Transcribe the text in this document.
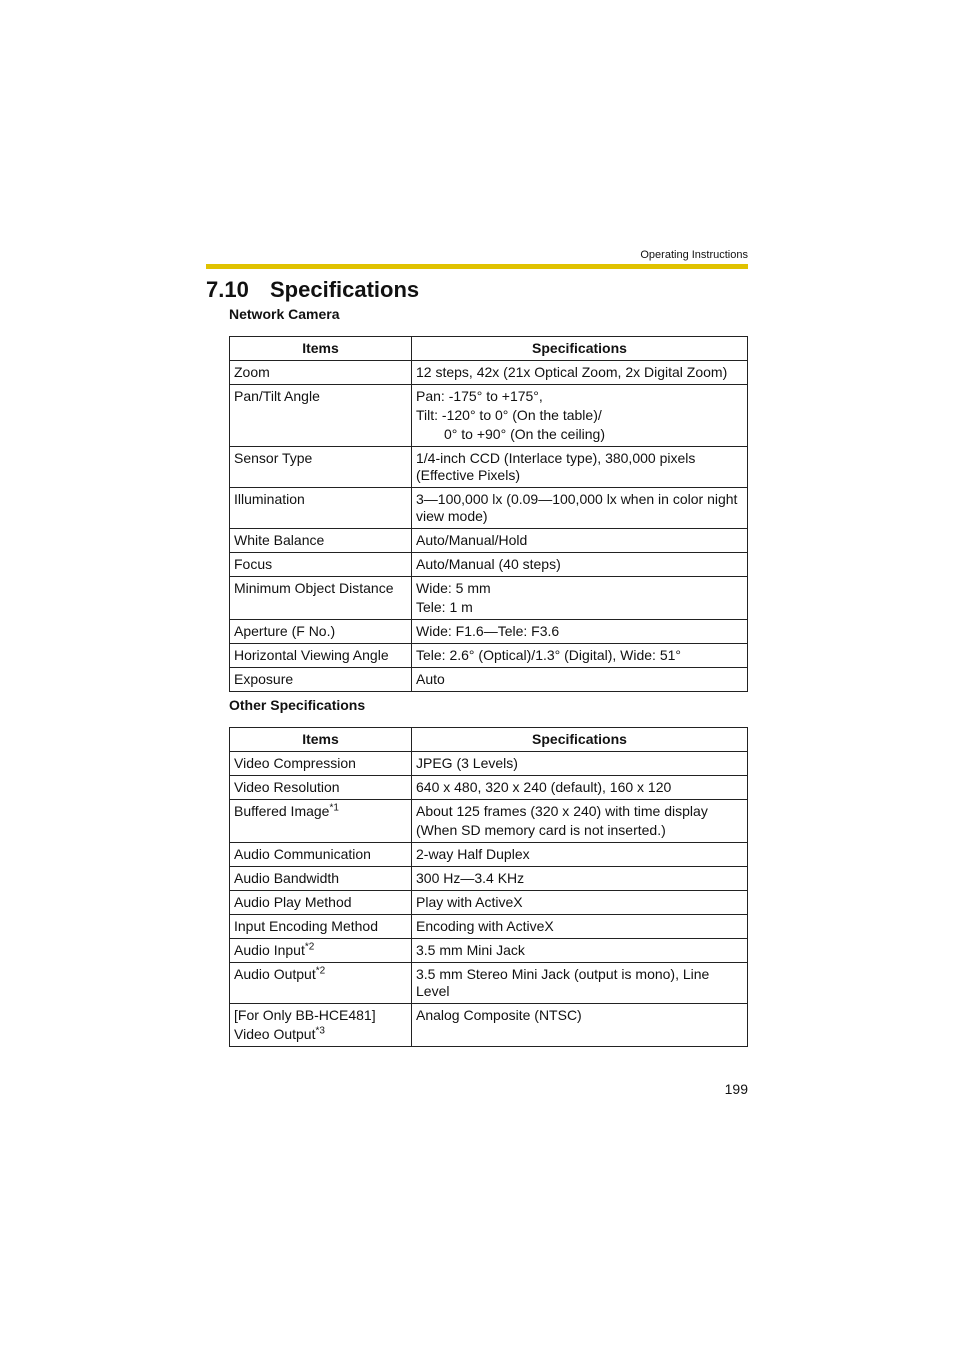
Operating Instructions
7.10 Specifications
Network Camera
Items	Specifications
Zoom	12 steps, 42x (21x Optical Zoom, 2x Digital Zoom)

Pan/Tilt Angle	Pan: -175° to +175°,
Tilt: -120° to 0° (On the table)/
0° to +90° (On the ceiling)

Sensor Type	1/4-inch CCD (Interlace type), 380,000 pixels (Effective Pixels)
Illumination	3—100,000 lx (0.09—100,000 lx when in color night view mode)
White Balance	Auto/Manual/Hold
Focus	Auto/Manual (40 steps)
Minimum Object Distance	Wide: 5 mm
Tele: 1 m

Aperture (F No.)	Wide: F1.6—Tele: F3.6
Horizontal Viewing Angle	Tele: 2.6° (Optical)/1.3° (Digital), Wide: 51°
Exposure	Auto
Other Specifications
Items	Specifications
Video Compression	JPEG (3 Levels)
Video Resolution	640 x 480, 320 x 240 (default), 160 x 120
Buffered Image$^{*1}$	About 125 frames (320 x 240) with time display
(When SD memory card is not inserted.)

Audio Communication	2-way Half Duplex
Audio Bandwidth	300 Hz—3.4 KHz
Audio Play Method	Play with ActiveX
Input Encoding Method	Encoding with ActiveX
Audio Input$^{*2}$	3.5 mm Mini Jack
Audio Output$^{*2}$	3.5 mm Stereo Mini Jack (output is mono), Line Level

[For Only BB-HCE481]
Video Output$^{*3}$	Analog Composite (NTSC)
199
